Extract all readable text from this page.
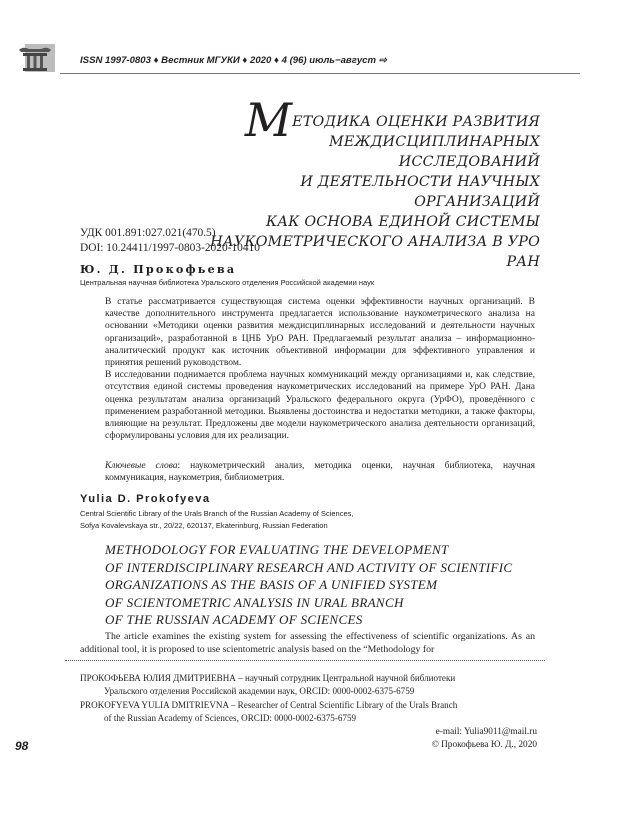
ISSN 1997-0803 ♦ Вестник МГУКИ ♦ 2020 ♦ 4 (96) июль−август ⇨
МЕТОДИКА ОЦЕНКИ РАЗВИТИЯ
МЕЖДИСЦИПЛИНАРНЫХ ИССЛЕДОВАНИЙ
И ДЕЯТЕЛЬНОСТИ НАУЧНЫХ ОРГАНИЗАЦИЙ
КАК ОСНОВА ЕДИНОЙ СИСТЕМЫ
НАУКОМЕТРИЧЕСКОГО АНАЛИЗА В УРО РАН
УДК 001.891:027.021(470.5)
DOI: 10.24411/1997-0803-2020-10410
Ю. Д. Прокофьева
Центральная научная библиотека Уральского отделения Российской академии наук

В статье рассматривается существующая система оценки эффективности научных организаций. В качестве дополнительного инструмента предлагается использование наукометрического анализа на основании «Методики оценки развития междисциплинарных исследований и деятельности научных организаций», разработанной в ЦНБ УрО РАН. Предлагаемый результат анализа – информационно-аналитический продукт как источник объективной информации для эффективного управления и принятия решений руководством.

В исследовании поднимается проблема научных коммуникаций между организациями и, как следствие, отсутствия единой системы проведения наукометрических исследований на примере УрО РАН. Дана оценка результатам анализа организаций Уральского федерального округа (УрФО), проведённого с применением разработанной методики. Выявлены достоинства и недостатки методики, а также факторы, влияющие на результат. Предложены две модели наукометрического анализа деятельности организаций, сформулированы условия для их реализации.

Ключевые слова: наукометрический анализ, методика оценки, научная библиотека, научная коммуникация, наукометрия, библиометрия.
Yulia D. Prokofyeva
Central Scientific Library of the Urals Branch of the Russian Academy of Sciences,
Sofya Kovalevskaya str., 20/22, 620137, Ekaterinburg, Russian Federation
METHODOLOGY FOR EVALUATING THE DEVELOPMENT
OF INTERDISCIPLINARY RESEARCH AND ACTIVITY OF SCIENTIFIC
ORGANIZATIONS AS THE BASIS OF A UNIFIED SYSTEM
OF SCIENTOMETRIC ANALYSIS IN URAL BRANCH
OF THE RUSSIAN ACADEMY OF SCIENCES

The article examines the existing system for assessing the effectiveness of scientific organizations. As an additional tool, it is proposed to use scientometric analysis based on the “Methodology for

ПРОКОФЬЕВА ЮЛИЯ ДМИТРИЕВНА – научный сотрудник Центральной научной библиотеки
Уральского отделения Российской академии наук, ORCID: 0000-0002-6375-6759
PROKOFYEVA YULIA DMITRIEVNA – Researcher of Central Scientific Library of the Urals Branch
of the Russian Academy of Sciences, ORCID: 0000-0002-6375-6759
e-mail: Yulia9011@mail.ru
© Прокофьева Ю. Д., 2020
98
